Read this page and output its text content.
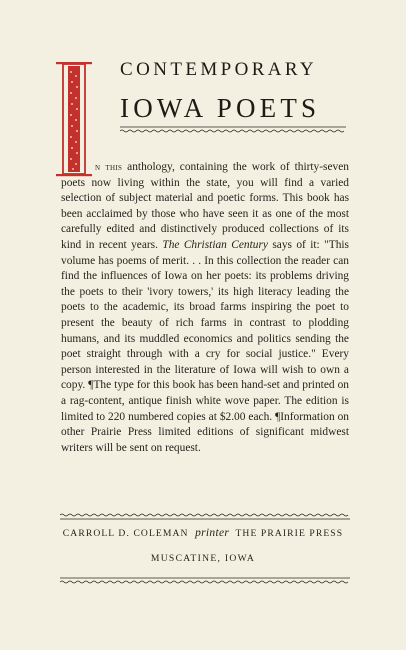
CONTEMPORARY
IOWA POETS

n this anthology, containing the work of thirty-seven poets now living within the state, you will find a varied selection of subject material and poetic forms. This book has been acclaimed by those who have seen it as one of the most carefully edited and distinctively produced collections of its kind in recent years. The Christian Century says of it: "This volume has poems of merit. . . In this collection the reader can find the influences of Iowa on her poets: its problems driving the poets to their 'ivory towers,' its high literacy leading the poets to the academic, its broad farms inspiring the poet to present the beauty of rich farms in contrast to plodding humans, and its muddled economics and politics sending the poet straight through with a cry for social justice." Every person interested in the literature of Iowa will wish to own a copy. ¶The type for this book has been hand-set and printed on a rag-content, antique finish white wove paper. The edition is limited to 220 numbered copies at $2.00 each. ¶Information on other Prairie Press limited editions of significant midwest writers will be sent on request.

CARROLL D. COLEMAN printer THE PRAIRIE PRESS

MUSCATINE, IOWA
